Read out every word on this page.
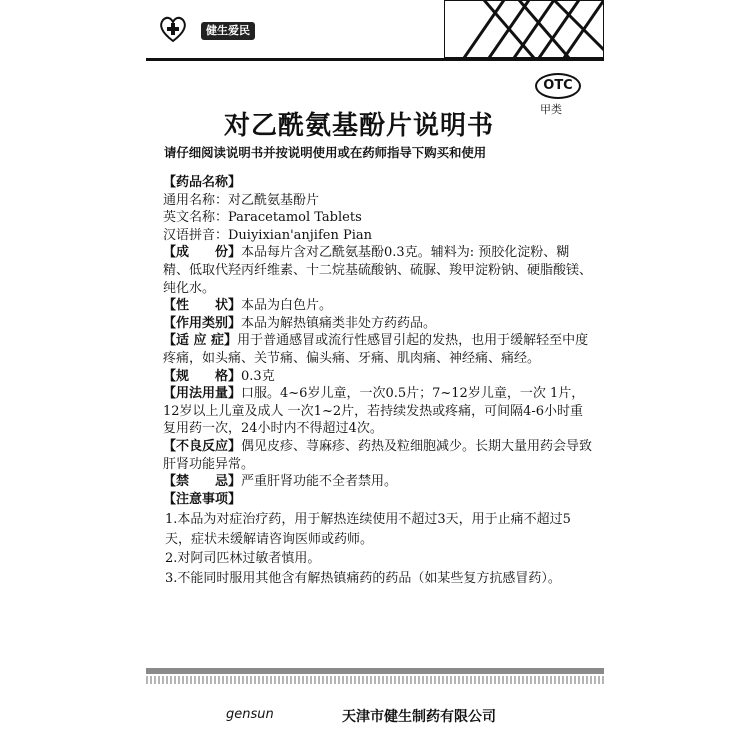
健生爱民
OTC
甲类
对乙酰氨基酚片说明书
请仔细阅读说明书并按说明使用或在药师指导下购买和使用

【药品名称】

通用名称：对乙酰氨基酚片

英文名称：Paracetamol Tablets

汉语拼音：Duiyixian'anjifen Pian

【成　　份】本品每片含对乙酰氨基酚0.3克。辅料为: 预胶化淀粉、糊精、低取代羟丙纤维素、十二烷基硫酸钠、硫脲、羧甲淀粉钠、硬脂酸镁、纯化水。

【性　　状】本品为白色片。

【作用类别】本品为解热镇痛类非处方药药品。

【适 应 症】用于普通感冒或流行性感冒引起的发热，也用于缓解轻至中度疼痛，如头痛、关节痛、偏头痛、牙痛、肌肉痛、神经痛、痛经。

【规　　格】0.3克

【用法用量】口服。4~6岁儿童，一次0.5片；7~12岁儿童，一次 1片，12岁以上儿童及成人 一次1~2片，若持续发热或疼痛，可间隔4-6小时重复用药一次，24小时内不得超过4次。

【不良反应】偶见皮疹、荨麻疹、药热及粒细胞减少。长期大量用药会导致肝肾功能异常。

【禁　　忌】严重肝肾功能不全者禁用。

【注意事项】

1.本品为对症治疗药，用于解热连续使用不超过3天，用于止痛不超过5天，症状未缓解请咨询医师或药师。

2.对阿司匹林过敏者慎用。

3.不能同时服用其他含有解热镇痛药的药品（如某些复方抗感冒药）。

gensun	天津市健生制药有限公司
